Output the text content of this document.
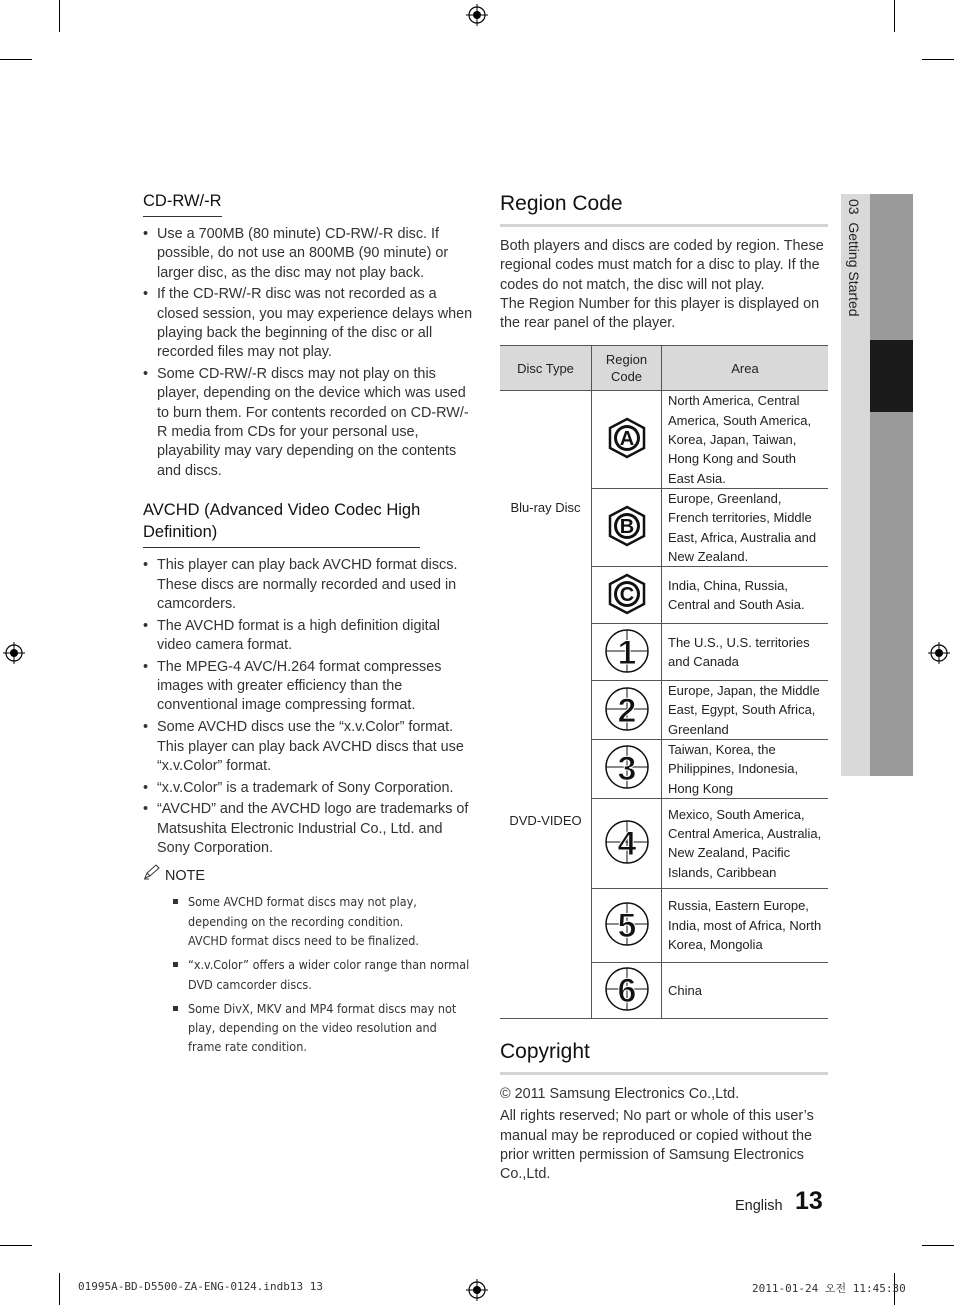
CD-RW/-R
• Use a 700MB (80 minute) CD-RW/-R disc. If possible, do not use an 800MB (90 minute) or larger disc, as the disc may not play back.
• If the CD-RW/-R disc was not recorded as a closed session, you may experience delays when playing back the beginning of the disc or all recorded files may not play.
• Some CD-RW/-R discs may not play on this player, depending on the device which was used to burn them. For contents recorded on CD-RW/-R media from CDs for your personal use, playability may vary depending on the contents and discs.
AVCHD (Advanced Video Codec High
Definition)
• This player can play back AVCHD format discs. These discs are normally recorded and used in camcorders.
• The AVCHD format is a high definition digital video camera format.
• The MPEG-4 AVC/H.264 format compresses images with greater efficiency than the conventional image compressing format.
• Some AVCHD discs use the “x.v.Color” format. This player can play back AVCHD discs that use “x.v.Color” format.
• “x.v.Color” is a trademark of Sony Corporation.
• “AVCHD” and the AVCHD logo are trademarks of Matsushita Electronic Industrial Co., Ltd. and Sony Corporation.
NOTE
Some AVCHD format discs may not play, depending on the recording condition.
AVCHD format discs need to be finalized.
“x.v.Color” offers a wider color range than normal DVD camcorder discs.
Some DivX, MKV and MP4 format discs may not play, depending on the video resolution and frame rate condition.
Region Code

Both players and discs are coded by region. These regional codes must match for a disc to play. If the codes do not match, the disc will not play.

The Region Number for this player is displayed on the rear panel of the player.

Disc Type	Region Code	Area
Blu-ray Disc	A	North America, Central America, South America, Korea, Japan, Taiwan, Hong Kong and South East Asia.

B	Europe, Greenland, French territories, Middle East, Africa, Australia and New Zealand.

C	India, China, Russia, Central and South Asia.
DVD-VIDEO	1	The U.S., U.S. territories and Canada

2	Europe, Japan, the Middle East, Egypt, South Africa, Greenland

3	Taiwan, Korea, the Philippines, Indonesia, Hong Kong

4	Mexico, South America, Central America, Australia, New Zealand, Pacific Islands, Caribbean

5	Russia, Eastern Europe, India, most of Africa, North Korea, Mongolia

6	China
Copyright

© 2011 Samsung Electronics Co.,Ltd.

All rights reserved; No part or whole of this user’s manual may be reproduced or copied without the prior written permission of Samsung Electronics Co.,Ltd.

03  Getting Started
English 13
01995A-BD-D5500-ZA-ENG-0124.indb13 13	2011-01-24 오전 11:45:30
